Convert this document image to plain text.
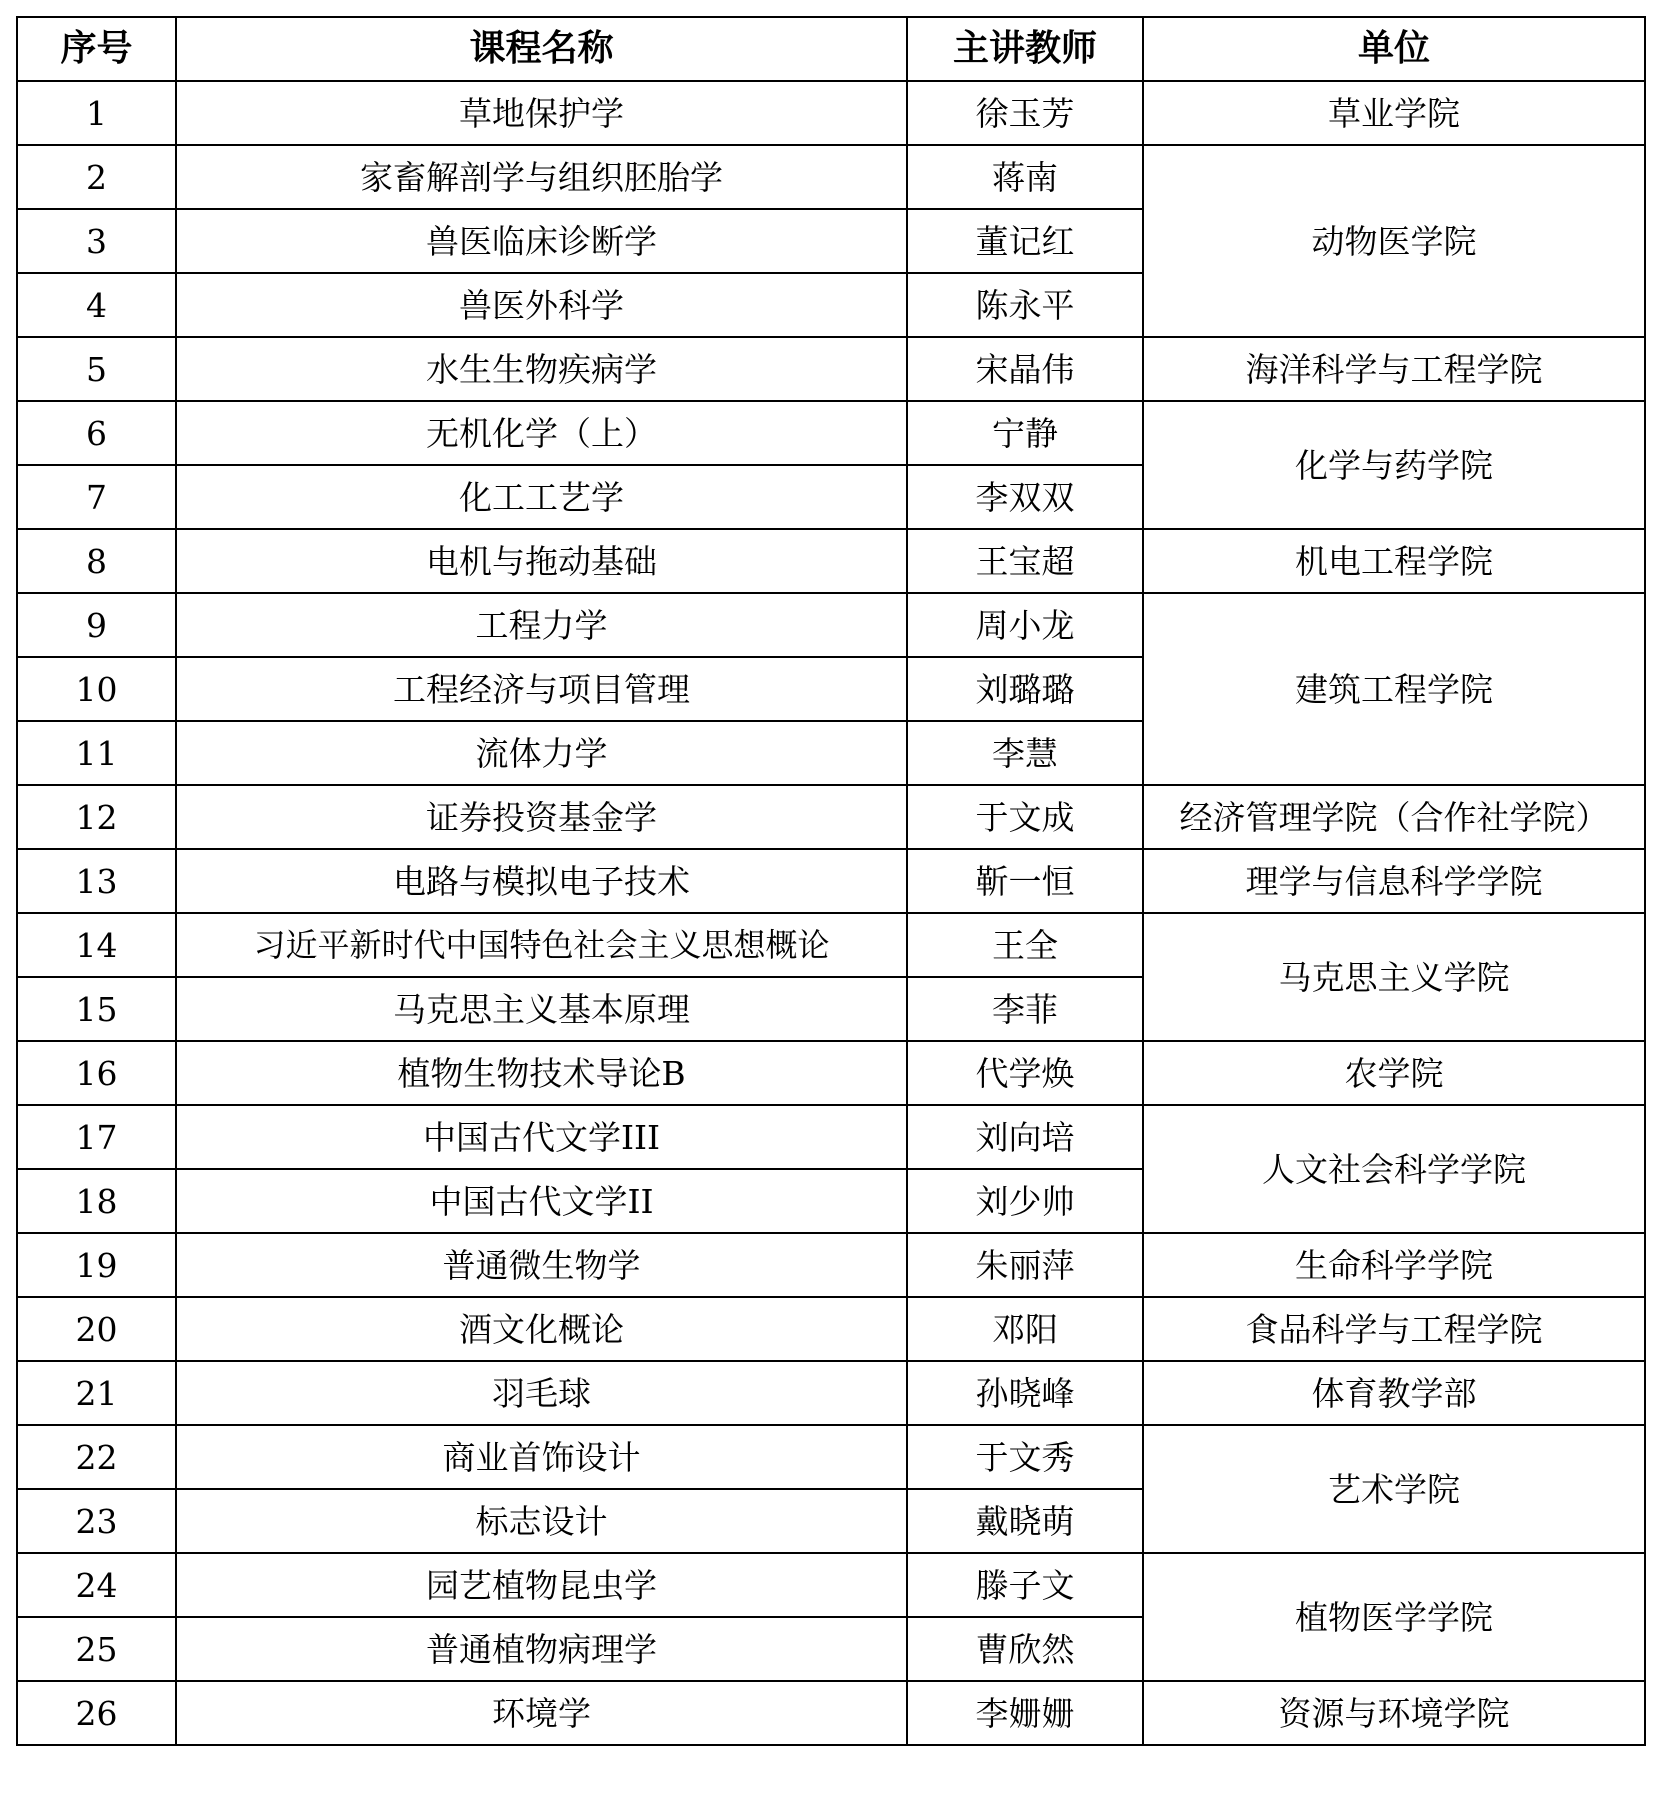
序号	课程名称	主讲教师	单位
1	草地保护学	徐玉芳	草业学院
2	家畜解剖学与组织胚胎学	蒋南	动物医学院
3	兽医临床诊断学	董记红	
4	兽医外科学	陈永平	
5	水生生物疾病学	宋晶伟	海洋科学与工程学院
6	无机化学（上）	宁静	化学与药学院
7	化工工艺学	李双双	
8	电机与拖动基础	王宝超	机电工程学院
9	工程力学	周小龙	建筑工程学院
10	工程经济与项目管理	刘璐璐	
11	流体力学	李慧	
12	证券投资基金学	于文成	经济管理学院（合作社学院）
13	电路与模拟电子技术	靳一恒	理学与信息科学学院
14	习近平新时代中国特色社会主义思想概论	王全	马克思主义学院
15	马克思主义基本原理	李菲	
16	植物生物技术导论B	代学焕	农学院
17	中国古代文学III	刘向培	人文社会科学学院
18	中国古代文学II	刘少帅	
19	普通微生物学	朱丽萍	生命科学学院
20	酒文化概论	邓阳	食品科学与工程学院
21	羽毛球	孙晓峰	体育教学部
22	商业首饰设计	于文秀	艺术学院
23	标志设计	戴晓萌	
24	园艺植物昆虫学	滕子文	植物医学学院
25	普通植物病理学	曹欣然	
26	环境学	李姗姗	资源与环境学院
